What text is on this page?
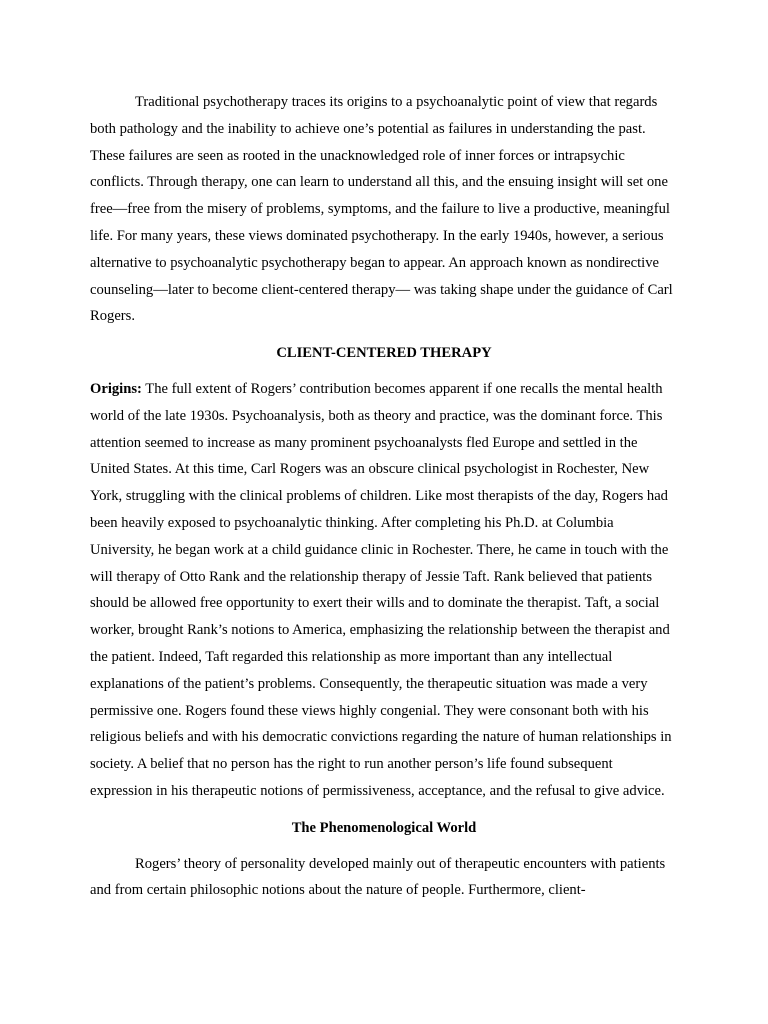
Traditional psychotherapy traces its origins to a psychoanalytic point of view that regards both pathology and the inability to achieve one’s potential as failures in understanding the past. These failures are seen as rooted in the unacknowledged role of inner forces or intrapsychic conflicts. Through therapy, one can learn to understand all this, and the ensuing insight will set one free—free from the misery of problems, symptoms, and the failure to live a productive, meaningful life. For many years, these views dominated psychotherapy. In the early 1940s, however, a serious alternative to psychoanalytic psychotherapy began to appear. An approach known as nondirective counseling—later to become client-centered therapy— was taking shape under the guidance of Carl Rogers.

CLIENT-CENTERED THERAPY

Origins: The full extent of Rogers’ contribution becomes apparent if one recalls the mental health world of the late 1930s. Psychoanalysis, both as theory and practice, was the dominant force. This attention seemed to increase as many prominent psychoanalysts fled Europe and settled in the United States. At this time, Carl Rogers was an obscure clinical psychologist in Rochester, New York, struggling with the clinical problems of children. Like most therapists of the day, Rogers had been heavily exposed to psychoanalytic thinking. After completing his Ph.D. at Columbia University, he began work at a child guidance clinic in Rochester. There, he came in touch with the will therapy of Otto Rank and the relationship therapy of Jessie Taft. Rank believed that patients should be allowed free opportunity to exert their wills and to dominate the therapist. Taft, a social worker, brought Rank’s notions to America, emphasizing the relationship between the therapist and the patient. Indeed, Taft regarded this relationship as more important than any intellectual explanations of the patient’s problems. Consequently, the therapeutic situation was made a very permissive one. Rogers found these views highly congenial. They were consonant both with his religious beliefs and with his democratic convictions regarding the nature of human relationships in society. A belief that no person has the right to run another person’s life found subsequent expression in his therapeutic notions of permissiveness, acceptance, and the refusal to give advice.

The Phenomenological World

Rogers’ theory of personality developed mainly out of therapeutic encounters with patients and from certain philosophic notions about the nature of people. Furthermore, client-
